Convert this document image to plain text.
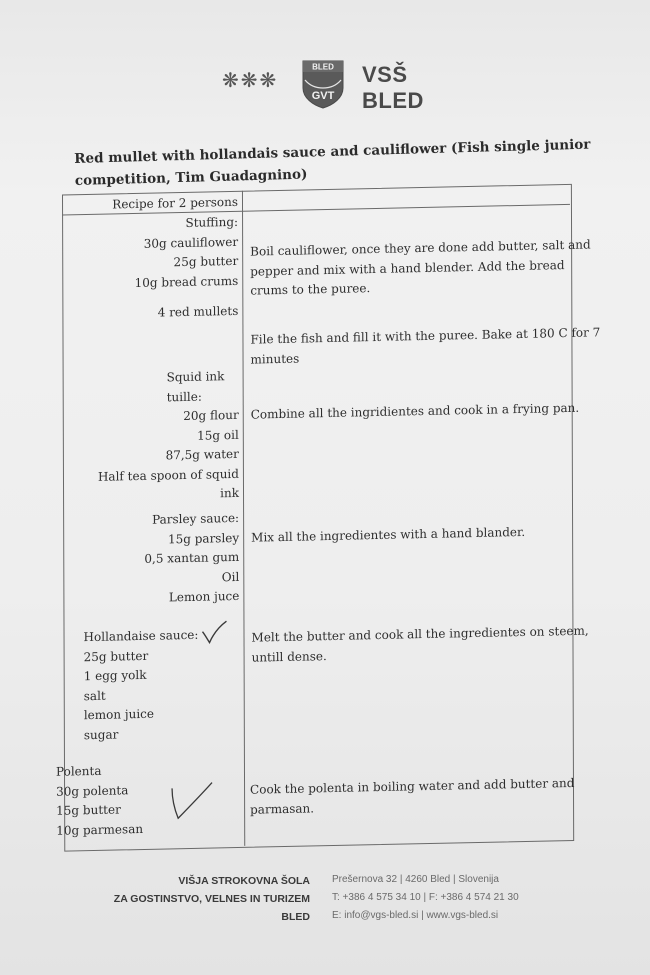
❋❋❋
BLED
GVT
VSŠ BLED
Red mullet with hollandais sauce and cauliflower (Fish single junior
competition, Tim Guadagnino)
Recipe for 2 persons
Stuffing:
30g cauliflower
25g butter
10g bread crums
Boil cauliflower, once they are done add butter, salt and
pepper and mix with a hand blender. Add the bread
crums to the puree.
4 red mullets
File the fish and fill it with the puree. Bake at 180 C for 7
minutes
Squid ink
tuille:
20g flour
15g oil
87,5g water
Half tea spoon of squid
ink
Combine all the ingridientes and cook in a frying pan.
Parsley sauce:
15g parsley
0,5 xantan gum
Oil
Lemon juce
Mix all the ingredientes with a hand blander.
Hollandaise sauce:
25g butter
1 egg yolk
salt
lemon juice
sugar
Melt the butter and cook all the ingredientes on steem,
untill dense.
Polenta
30g polenta
15g butter
10g parmesan
Cook the polenta in boiling water and add butter and
parmasan.
VIŠJA STROKOVNA ŠOLA
ZA GOSTINSTVO, VELNES IN TURIZEM
BLED
Prešernova 32 | 4260 Bled | Slovenija
T: +386 4 575 34 10 | F: +386 4 574 21 30
E: info@vgs-bled.si | www.vgs-bled.si
